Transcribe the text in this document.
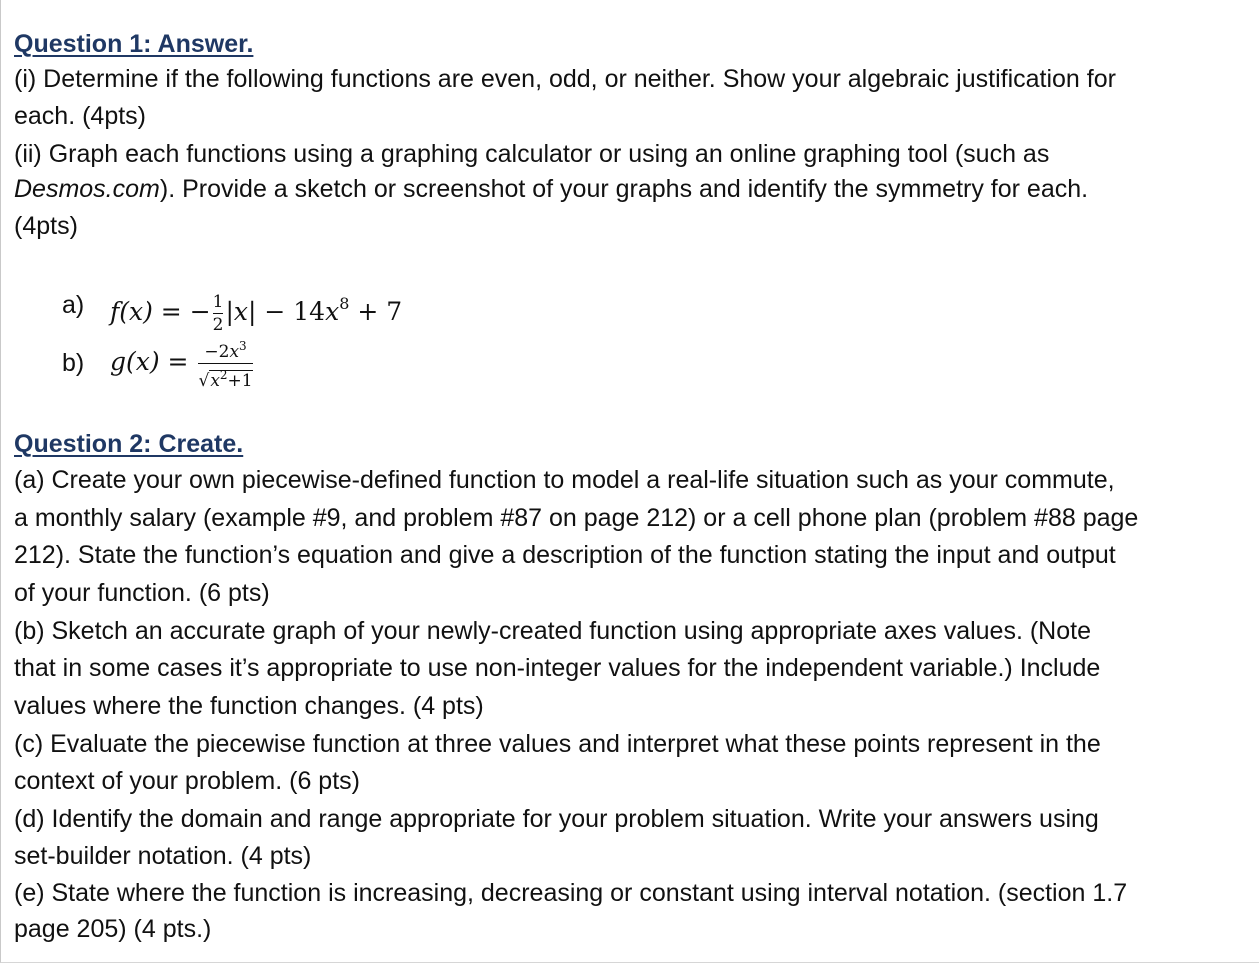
Question 1: Answer.
(i) Determine if the following functions are even, odd, or neither. Show your algebraic justification for
each. (4pts)
(ii) Graph each functions using a graphing calculator or using an online graphing tool (such as
Desmos.com). Provide a sketch or screenshot of your graphs and identify the symmetry for each.
(4pts)
a) f(x) = − $\frac{1}{2} |x| - 14x^8 + 7$
b) $g(x) = \frac{-2x^3}{√x^2+1}$
Question 2: Create.
(a) Create your own piecewise-defined function to model a real-life situation such as your commute,
a monthly salary (example #9, and problem #87 on page 212) or a cell phone plan (problem #88 page
212). State the function’s equation and give a description of the function stating the input and output
of your function. (6 pts)
(b) Sketch an accurate graph of your newly-created function using appropriate axes values. (Note
that in some cases it’s appropriate to use non-integer values for the independent variable.) Include
values where the function changes. (4 pts)
(c) Evaluate the piecewise function at three values and interpret what these points represent in the
context of your problem. (6 pts)
(d) Identify the domain and range appropriate for your problem situation. Write your answers using
set-builder notation. (4 pts)
(e) State where the function is increasing, decreasing or constant using interval notation. (section 1.7
page 205) (4 pts.)
